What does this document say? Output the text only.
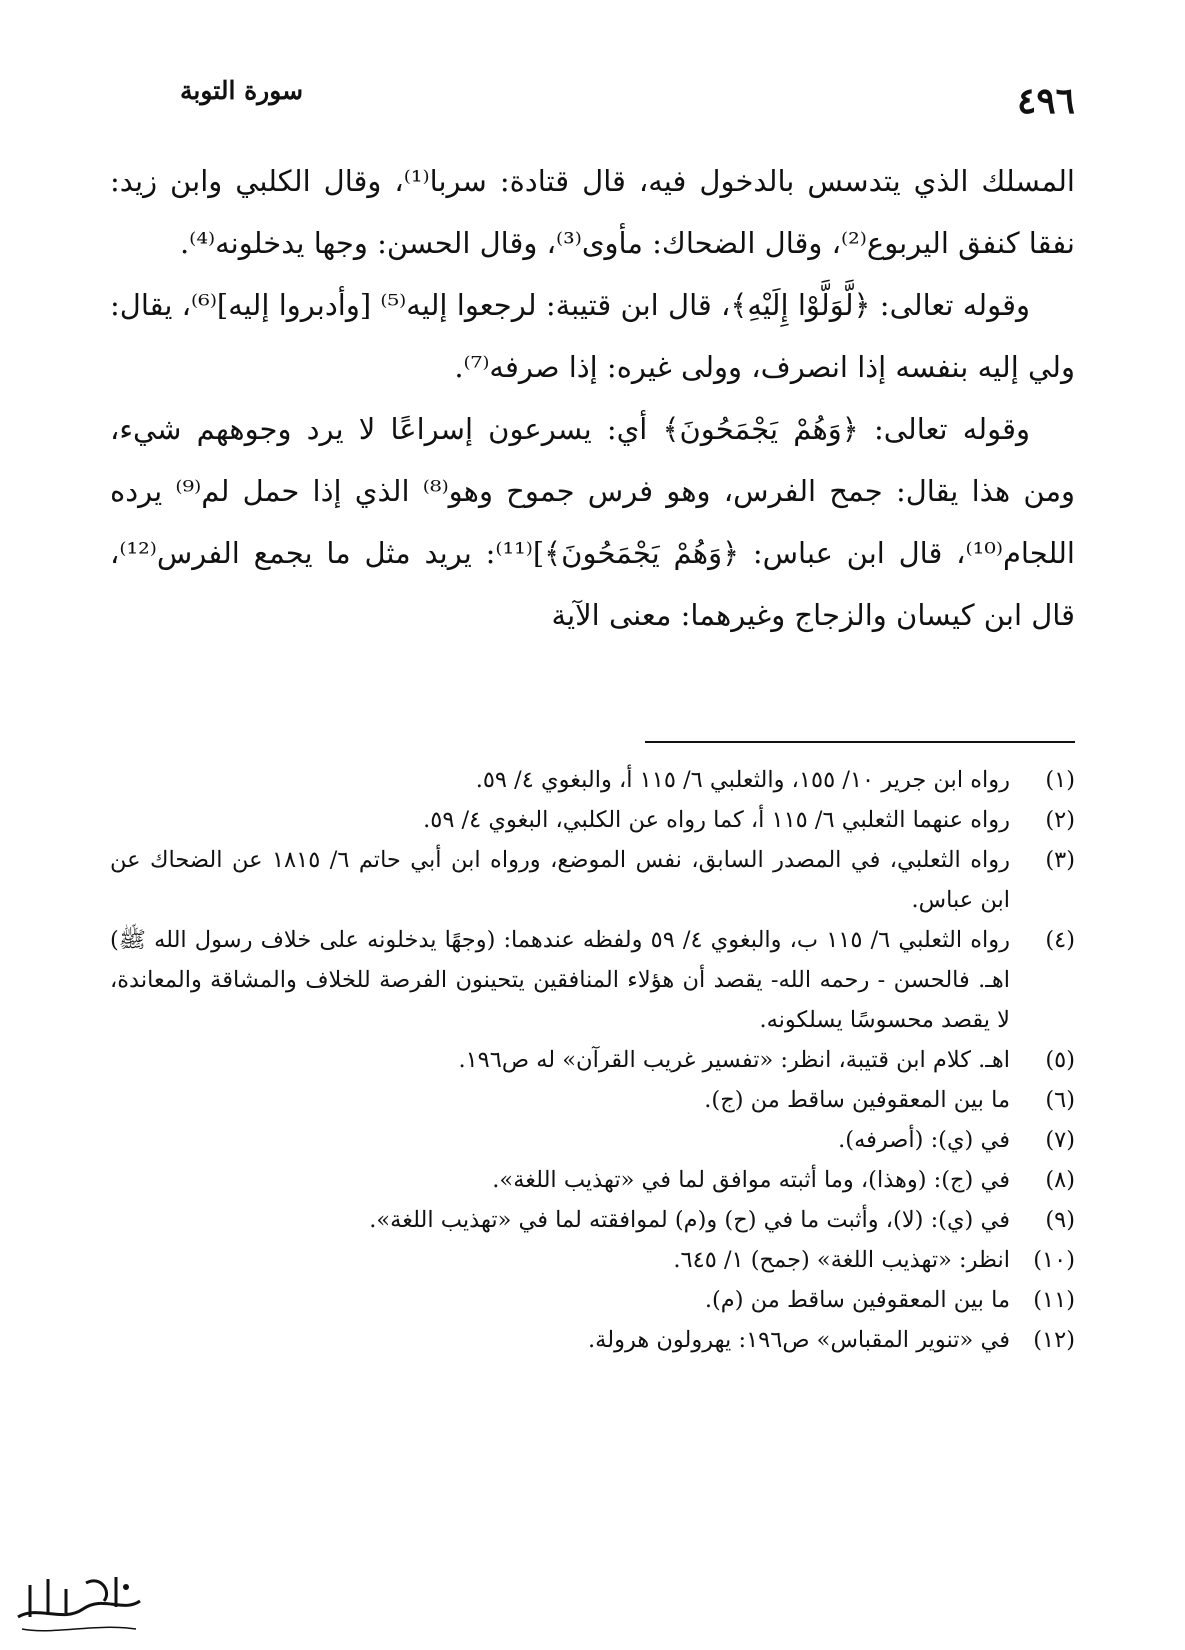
٤٩٦
سورة التوبة

المسلك الذي يتدسس بالدخول فيه، قال قتادة: سربا⁽¹⁾، وقال الكلبي وابن زيد: نفقا كنفق اليربوع⁽²⁾، وقال الضحاك: مأوى⁽³⁾، وقال الحسن: وجها يدخلونه⁽⁴⁾.

وقوله تعالى: ﴿لَّوَلَّوْا إِلَيْهِ﴾، قال ابن قتيبة: لرجعوا إليه⁽⁵⁾ [وأدبروا إليه]⁽⁶⁾، يقال: ولي إليه بنفسه إذا انصرف، وولى غيره: إذا صرفه⁽⁷⁾.

وقوله تعالى: ﴿وَهُمْ يَجْمَحُونَ﴾ أي: يسرعون إسراعًا لا يرد وجوههم شيء، ومن هذا يقال: جمح الفرس، وهو فرس جموح وهو⁽⁸⁾ الذي إذا حمل لم⁽⁹⁾ يرده اللجام⁽¹⁰⁾، قال ابن عباس: ﴿وَهُمْ يَجْمَحُونَ﴾]⁽¹¹⁾: يريد مثل ما يجمع الفرس⁽¹²⁾، قال ابن كيسان والزجاج وغيرهما: معنى الآية

(١)
رواه ابن جرير ١٠/ ١٥٥، والثعلبي ٦/ ١١٥ أ، والبغوي ٤/ ٥٩.
(٢)
رواه عنهما الثعلبي ٦/ ١١٥ أ، كما رواه عن الكلبي، البغوي ٤/ ٥٩.
(٣)
رواه الثعلبي، في المصدر السابق، نفس الموضع، ورواه ابن أبي حاتم ٦/ ١٨١٥ عن الضحاك عن ابن عباس.
(٤)
رواه الثعلبي ٦/ ١١٥ ب، والبغوي ٤/ ٥٩ ولفظه عندهما: (وجهًا يدخلونه على خلاف رسول الله ﷺ) اهـ. فالحسن - رحمه الله- يقصد أن هؤلاء المنافقين يتحينون الفرصة للخلاف والمشاقة والمعاندة، لا يقصد محسوسًا يسلكونه.
(٥)
اهـ. كلام ابن قتيبة، انظر: «تفسير غريب القرآن» له ص١٩٦.
(٦)
ما بين المعقوفين ساقط من (ج).
(٧)
في (ي): (أصرفه).
(٨)
في (ج): (وهذا)، وما أثبته موافق لما في «تهذيب اللغة».
(٩)
في (ي): (لا)، وأثبت ما في (ح) و(م) لموافقته لما في «تهذيب اللغة».
(١٠)
انظر: «تهذيب اللغة» (جمح) ١/ ٦٤٥.
(١١)
ما بين المعقوفين ساقط من (م).
(١٢)
في «تنوير المقباس» ص١٩٦: يهرولون هرولة.
